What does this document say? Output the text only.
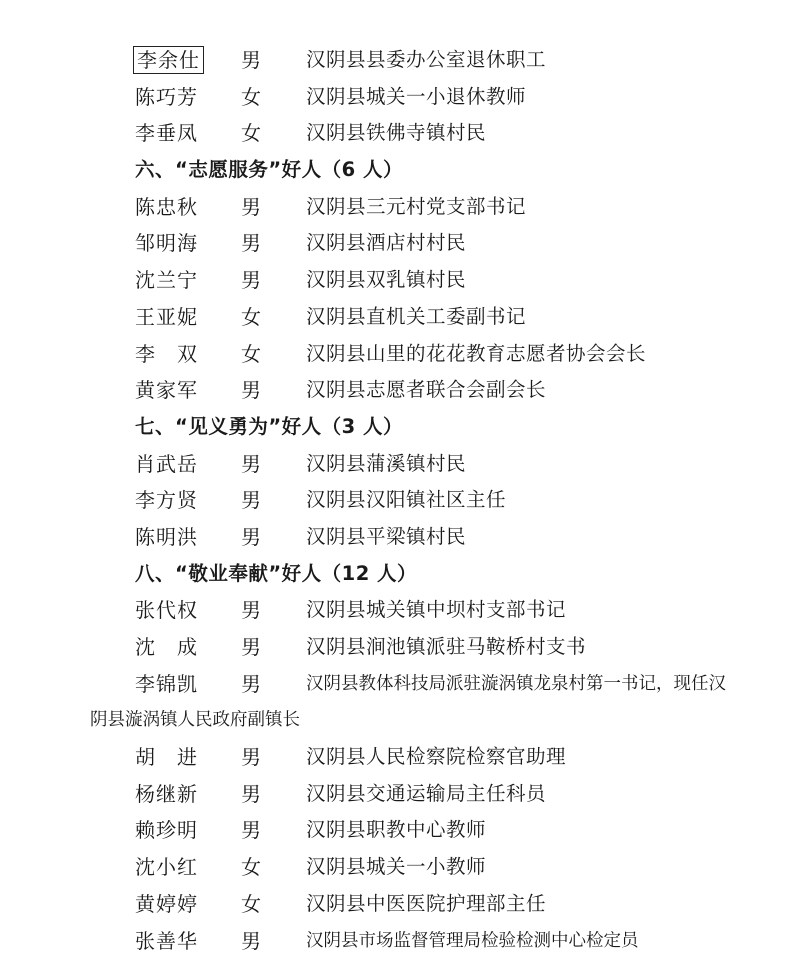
李余仕 男 汉阴县县委办公室退休职工
陈巧芳 女 汉阴县城关一小退休教师
李垂凤 女 汉阴县铁佛寺镇村民
六、“志愿服务”好人（6 人）
陈忠秋 男 汉阴县三元村党支部书记
邹明海 男 汉阴县酒店村村民
沈兰宁 男 汉阴县双乳镇村民
王亚妮 女 汉阴县直机关工委副书记
李　双 女 汉阴县山里的花花教育志愿者协会会长
黄家军 男 汉阴县志愿者联合会副会长
七、“见义勇为”好人（3 人）
肖武岳 男 汉阴县蒲溪镇村民
李方贤 男 汉阴县汉阳镇社区主任
陈明洪 男 汉阴县平梁镇村民
八、“敬业奉献”好人（12 人）
张代权 男 汉阴县城关镇中坝村支部书记
沈　成 男 汉阴县涧池镇派驻马鞍桥村支书
李锦凯 男	汉阴县教体科技局派驻漩涡镇龙泉村第一书记，现任汉
阴县漩涡镇人民政府副镇长
胡　进 男 汉阴县人民检察院检察官助理
杨继新 男 汉阴县交通运输局主任科员
赖珍明 男 汉阴县职教中心教师
沈小红 女 汉阴县城关一小教师
黄婷婷 女 汉阴县中医医院护理部主任
张善华 男	汉阴县市场监督管理局检验检测中心检定员
